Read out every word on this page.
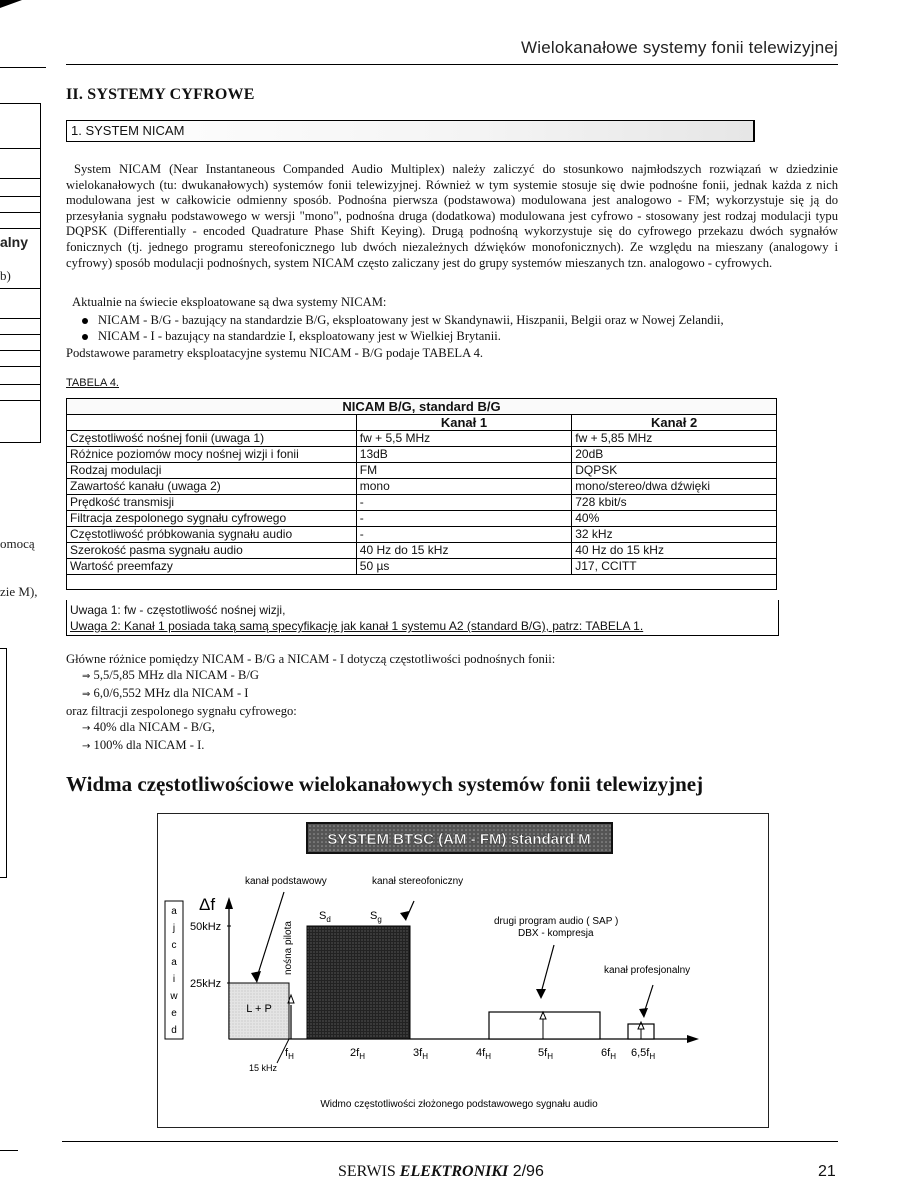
Wielokanałowe systemy fonii telewizyjnej
alny
b)
omocą
zie M),
II. SYSTEMY CYFROWE
1. SYSTEM NICAM

System NICAM (Near Instantaneous Companded Audio Multiplex) należy zaliczyć do stosunkowo najmłodszych rozwiązań w dziedzinie wielokanałowych (tu: dwukanałowych) systemów fonii telewizyjnej. Również w tym systemie stosuje się dwie podnośne fonii, jednak każda z nich modulowana jest w całkowicie odmienny sposób. Podnośna pierwsza (podstawowa) modulowana jest analogowo - FM; wykorzystuje się ją do przesyłania sygnału podstawowego w wersji "mono", podnośna druga (dodatkowa) modulowana jest cyfrowo - stosowany jest rodzaj modulacji typu DQPSK (Differentially - encoded Quadrature Phase Shift Keying). Drugą podnośną wykorzystuje się do cyfrowego przekazu dwóch sygnałów fonicznych (tj. jednego programu stereofonicznego lub dwóch niezależnych dźwięków monofonicznych). Ze względu na mieszany (analogowy i cyfrowy) sposób modulacji podnośnych, system NICAM często zaliczany jest do grupy systemów mieszanych tzn. analogowo - cyfrowych.

Aktualnie na świecie eksploatowane są dwa systemy NICAM:

NICAM - B/G - bazujący na standardzie B/G, eksploatowany jest w Skandynawii, Hiszpanii, Belgii oraz w Nowej Zelandii,
NICAM - I - bazujący na standardzie I, eksploatowany jest w Wielkiej Brytanii.

Podstawowe parametry eksploatacyjne systemu NICAM - B/G podaje TABELA 4.

TABELA 4.
NICAM B/G, standard B/G		
	Kanał 1	Kanał 2
Częstotliwość nośnej fonii (uwaga 1)	fw + 5,5 MHz	fw + 5,85 MHz
Różnice poziomów mocy nośnej wizji i fonii	13dB	20dB
Rodzaj modulacji	FM	DQPSK
Zawartość kanału (uwaga 2)	mono	mono/stereo/dwa dźwięki
Prędkość transmisji	-	728 kbit/s
Filtracja zespolonego sygnału cyfrowego	-	40%
Częstotliwość próbkowania sygnału audio	-	32 kHz
Szerokość pasma sygnału audio	40 Hz do 15 kHz	40 Hz do 15 kHz
Wartość preemfazy	50 µs	J17, CCITT

Uwaga 1: fw - częstotliwość nośnej wizji,
Uwaga 2: Kanał 1 posiada taką samą specyfikację jak kanał 1 systemu A2 (standard B/G), patrz: TABELA 1.
Główne różnice pomiędzy NICAM - B/G a NICAM - I dotyczą częstotliwości podnośnych fonii:
⇒ 5,5/5,85 MHz dla NICAM - B/G
⇒ 6,0/6,552 MHz dla NICAM - I
oraz filtracji zespolonego sygnału cyfrowego:
→ 40% dla NICAM - B/G,
→ 100% dla NICAM - I.
Widma częstotliwościowe wielokanałowych systemów fonii telewizyjnej
SYSTEM BTSC (AM - FM) standard M
d
e
w
i
a
c
j
a Δf
50kHz
25kHz
L + P
nośna pilota
$S_d$	$S_g$
kanał podstawowy	kanał stereofoniczny
drugi program audio ( SAP )
DBX - kompresja
kanał profesjonalny
15 kHz
$f_H$	$2f_H$	$3f_H$	$4f_H$	$5f_H$	$6f_H$ $6,5f_H$
Widmo częstotliwości złożonego podstawowego sygnału audio
SERWIS ELEKTRONIKI 2/96	21
